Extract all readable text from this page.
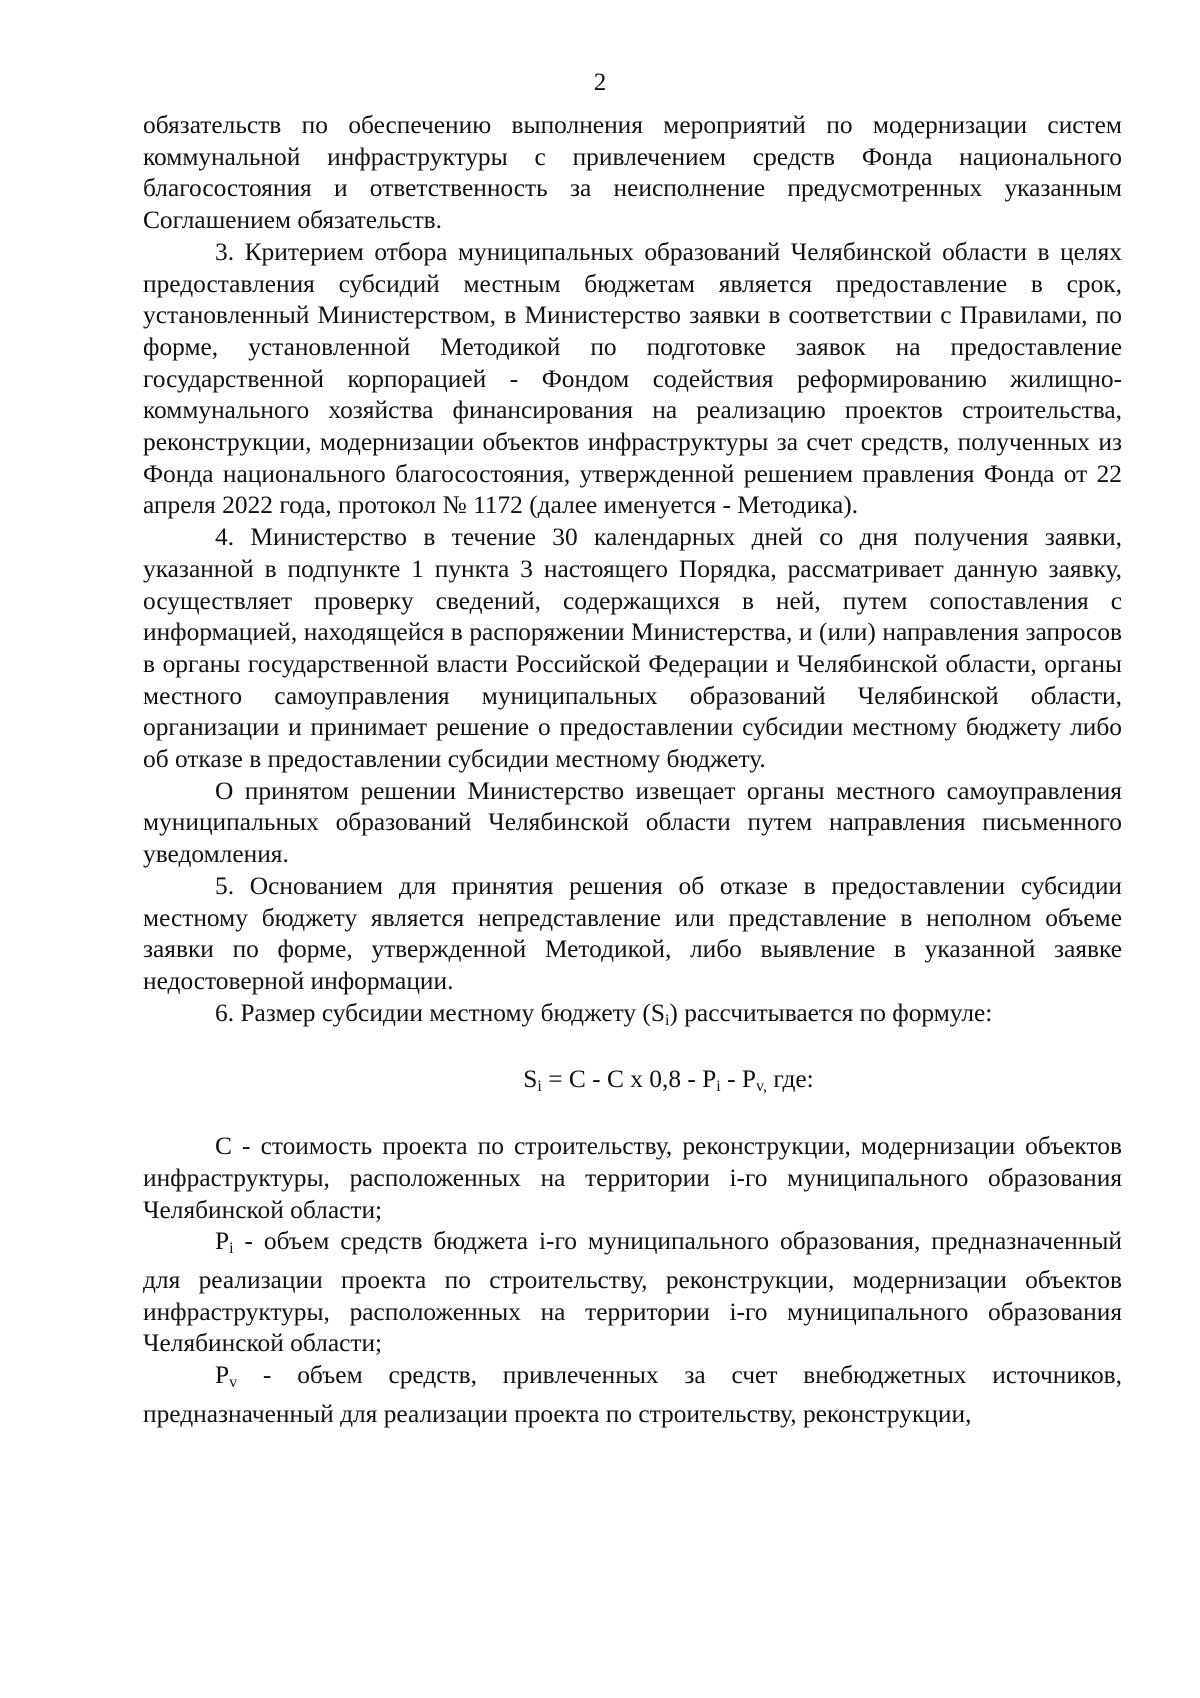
2

обязательств по обеспечению выполнения мероприятий по модернизации систем коммунальной инфраструктуры с привлечением средств Фонда национального благосостояния и ответственность за неисполнение предусмотренных указанным Соглашением обязательств.

3. Критерием отбора муниципальных образований Челябинской области в целях предоставления субсидий местным бюджетам является предоставление в срок, установленный Министерством, в Министерство заявки в соответствии с Правилами, по форме, установленной Методикой по подготовке заявок на предоставление государственной корпорацией - Фондом содействия реформированию жилищно-коммунального хозяйства финансирования на реализацию проектов строительства, реконструкции, модернизации объектов инфраструктуры за счет средств, полученных из Фонда национального благосостояния, утвержденной решением правления Фонда от 22 апреля 2022 года, протокол № 1172 (далее именуется - Методика).

4. Министерство в течение 30 календарных дней со дня получения заявки, указанной в подпункте 1 пункта 3 настоящего Порядка, рассматривает данную заявку, осуществляет проверку сведений, содержащихся в ней, путем сопоставления с информацией, находящейся в распоряжении Министерства, и (или) направления запросов в органы государственной власти Российской Федерации и Челябинской области, органы местного самоуправления муниципальных образований Челябинской области, организации и принимает решение о предоставлении субсидии местному бюджету либо об отказе в предоставлении субсидии местному бюджету.

О принятом решении Министерство извещает органы местного самоуправления муниципальных образований Челябинской области путем направления письменного уведомления.

5. Основанием для принятия решения об отказе в предоставлении субсидии местному бюджету является непредставление или представление в неполном объеме заявки по форме, утвержденной Методикой, либо выявление в указанной заявке недостоверной информации.

6. Размер субсидии местному бюджету $(S_i)$ рассчитывается по формуле:

$S_i = C - C$ x $0,8 - P_i - P_{v,}$ где:

C - стоимость проекта по строительству, реконструкции, модернизации объектов инфраструктуры, расположенных на территории i-го муниципального образования Челябинской области;

$P_i$ - объем средств бюджета i-го муниципального образования, предназначенный для реализации проекта по строительству, реконструкции, модернизации объектов инфраструктуры, расположенных на территории i-го муниципального образования Челябинской области;

$P_v$ - объем средств, привлеченных за счет внебюджетных источников, предназначенный для реализации проекта по строительству, реконструкции,
